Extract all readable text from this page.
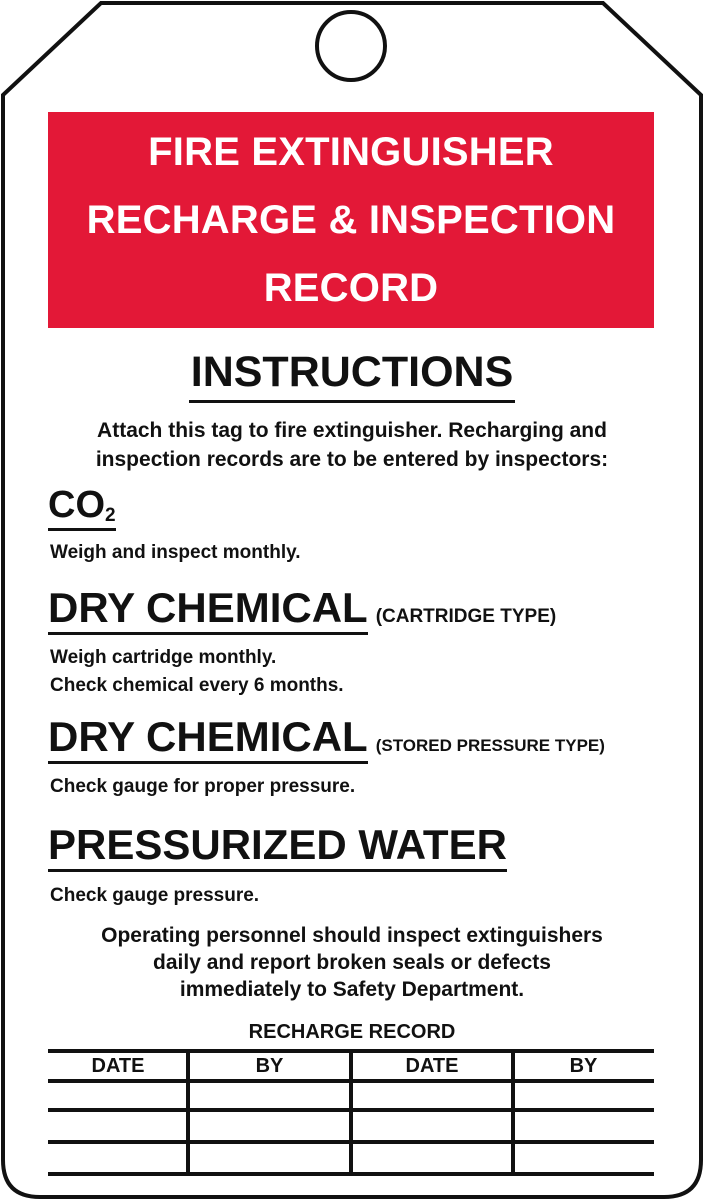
FIRE EXTINGUISHER
RECHARGE & INSPECTION
RECORD
INSTRUCTIONS
Attach this tag to fire extinguisher. Recharging and
inspection records are to be entered by inspectors:
$CO_2$
Weigh and inspect monthly.
DRY CHEMICAL (CARTRIDGE TYPE)
Weigh cartridge monthly.
Check chemical every 6 months.
DRY CHEMICAL (STORED PRESSURE TYPE)
Check gauge for proper pressure.
PRESSURIZED WATER
Check gauge pressure.
Operating personnel should inspect extinguishers
daily and report broken seals or defects
immediately to Safety Department.
RECHARGE RECORD
DATE	BY	DATE	BY
